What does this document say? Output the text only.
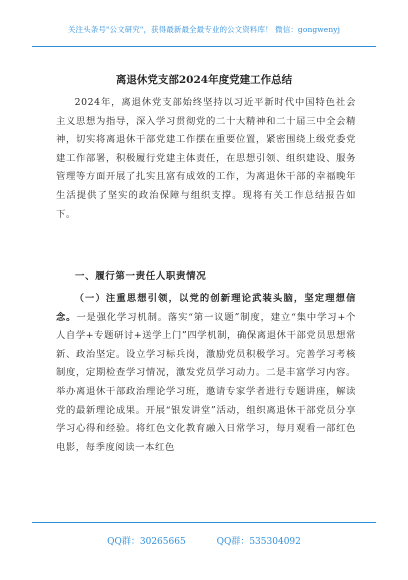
关注头条号"公文研究"，获得最新最全最专业的公文资料库！ 微信：gongwenyj
离退休党支部2024年度党建工作总结

2024年，离退休党支部始终坚持以习近平新时代中国特色社会主义思想为指导，深入学习贯彻党的二十大精神和二十届三中全会精神，切实将离退休干部党建工作摆在重要位置，紧密围绕上级党委党建工作部署，积极履行党建主体责任，在思想引领、组织建设、服务管理等方面开展了扎实且富有成效的工作，为离退休干部的幸福晚年生活提供了坚实的政治保障与组织支撑。现将有关工作总结报告如下。

一、履行第一责任人职责情况

（一）注重思想引领，以党的创新理论武装头脑，坚定理想信念。一是强化学习机制。落实“第一议题”制度，建立“集中学习+个人自学+专题研讨+送学上门”四学机制，确保离退休干部党员思想常新、政治坚定。设立学习标兵岗，激励党员积极学习。完善学习考核制度，定期检查学习情况，激发党员学习动力。二是丰富学习内容。举办离退休干部政治理论学习班，邀请专家学者进行专题讲座，解读党的最新理论成果。开展“银发讲堂”活动，组织离退休干部党员分享学习心得和经验。将红色文化教育融入日常学习，每月观看一部红色电影，每季度阅读一本红色

QQ群：30265665	QQ群：535304092
